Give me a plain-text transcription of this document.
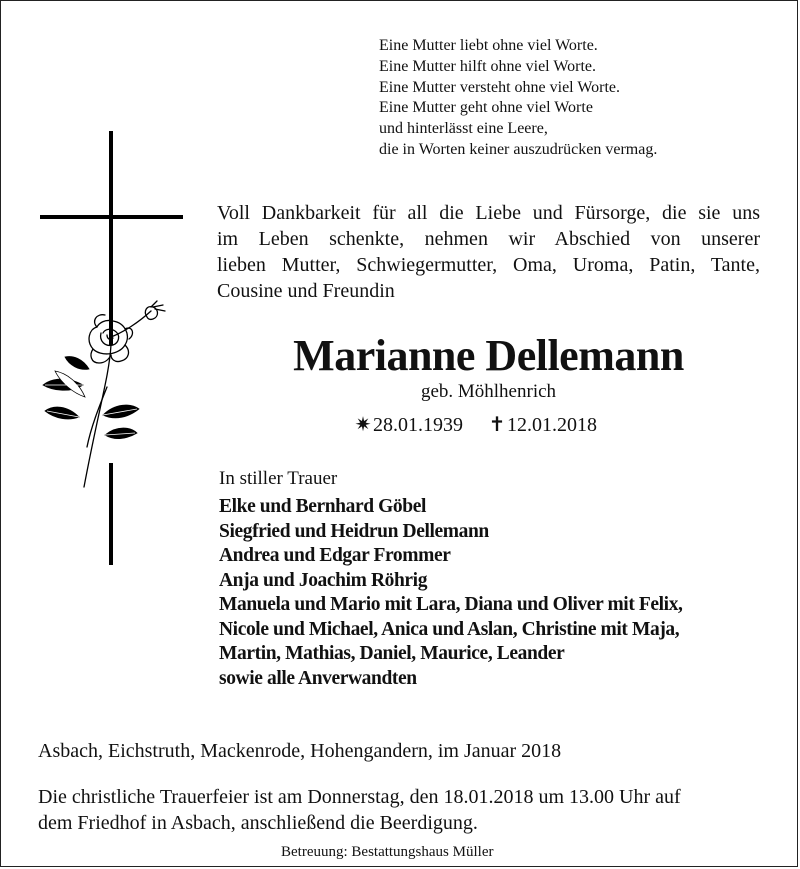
Eine Mutter liebt ohne viel Worte.
Eine Mutter hilft ohne viel Worte.
Eine Mutter versteht ohne viel Worte.
Eine Mutter geht ohne viel Worte
und hinterlässt eine Leere,
die in Worten keiner auszudrücken vermag.
Voll Dankbarkeit für all die Liebe und Fürsorge, die sie uns
im Leben schenkte, nehmen wir Abschied von unserer
lieben Mutter, Schwiegermutter, Oma, Uroma, Patin, Tante,
Cousine und Freundin
Marianne Dellemann
geb. Möhlhenrich
✷28.01.1939 ✝12.01.2018
In stiller Trauer
Elke und Bernhard Göbel
Siegfried und Heidrun Dellemann
Andrea und Edgar Frommer
Anja und Joachim Röhrig
Manuela und Mario mit Lara, Diana und Oliver mit Felix,
Nicole und Michael, Anica und Aslan, Christine mit Maja,
Martin, Mathias, Daniel, Maurice, Leander
sowie alle Anverwandten
Asbach, Eichstruth, Mackenrode, Hohengandern, im Januar 2018
Die christliche Trauerfeier ist am Donnerstag, den 18.01.2018 um 13.00 Uhr auf
dem Friedhof in Asbach, anschließend die Beerdigung.
Betreuung: Bestattungshaus Müller
